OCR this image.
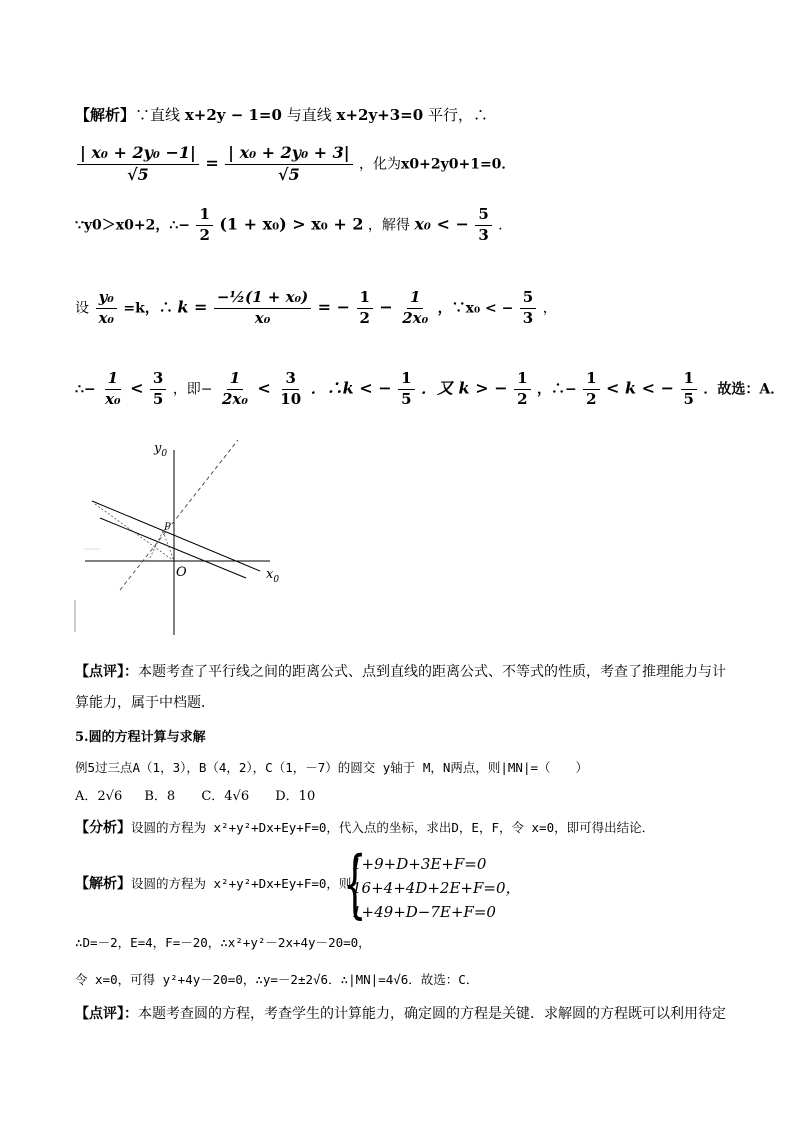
【解析】∵直线 x+2y − 1=0 与直线 x+2y+3=0 平行，∴
$\frac{\text{| x₀ + 2y₀ −1|}}{√5} = \frac{\text{| x₀ + 2y₀ + 3|}}{√5}$ ，化为x0+2y0+1=0．
∵y0＞x0+2，∴− $\frac{1}{2} (1 + x_0) > x_0 + 2$ ，解得 x₀ < − $\frac{5}{3}$ ．
设 $\frac{\text{y₀}}{\text{x₀}} =k$，∴ $k = \frac{\text{−½(1 + x₀)}}{\text{x₀}}$ = − $\frac{1}{2} - \frac{1}{\text{2x₀}}$ ，∵x₀ < − $\frac{5}{3}$ ，
∴− $\frac{1}{\text{x₀}} < \frac{3}{5}$ ，即− $\frac{1}{\text{2x₀}} < \frac{3}{10}$ ．∴k < − $\frac{1}{5}$ ．又 k > − $\frac{1}{2}$ ，∴− $\frac{1}{2} < k$ < − $\frac{1}{5}$ ．故选：A．
$y_0$
$x_0$
O
P
【点评】：本题考查了平行线之间的距离公式、点到直线的距离公式、不等式的性质，考查了推理能力与计
算能力，属于中档题．
5.圆的方程计算与求解
例5过三点A（1，3），B（4，2），C（1，－7）的圆交 y轴于 M，N两点，则|MN|=（　　）
A．2√6 B．8 C．4√6 D．10
【分析】设圆的方程为 x²+y²+Dx+Ey+F=0，代入点的坐标，求出D，E，F，令 x=0，即可得出结论．
【解析】设圆的方程为 x²+y²+Dx+Ey+F=0，则
{
1+9+D+3E+F=0
16+4+4D+2E+F=0，
1+49+D−7E+F=0
∴D=－2，E=4，F=－20，∴x²+y²－2x+4y－20=0，
令 x=0，可得 y²+4y－20=0，∴y=－2±2√6．∴|MN|=4√6．故选：C．
【点评】：本题考查圆的方程，考查学生的计算能力，确定圆的方程是关键．求解圆的方程既可以利用待定
